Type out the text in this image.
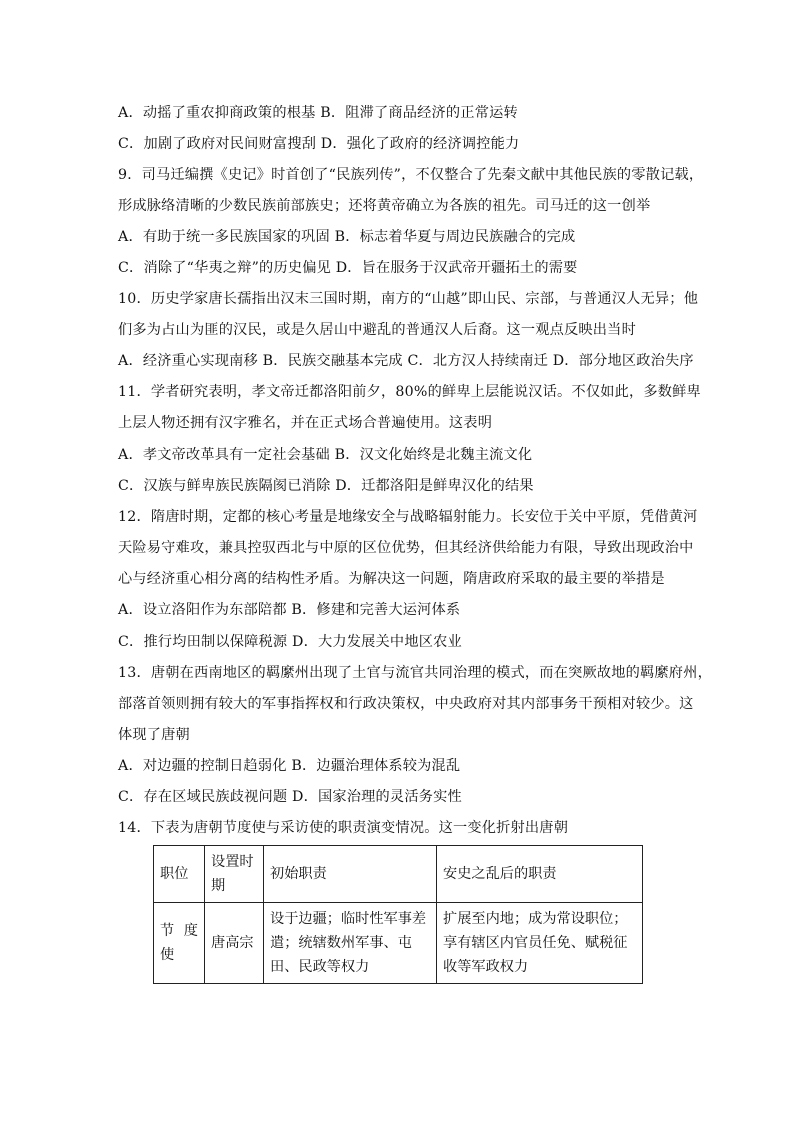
A．动摇了重农抑商政策的根基 B．阻滞了商品经济的正常运转
C．加剧了政府对民间财富搜刮 D．强化了政府的经济调控能力
9．司马迁编撰《史记》时首创了“民族列传”，不仅整合了先秦文献中其他民族的零散记载，
形成脉络清晰的少数民族前部族史；还将黄帝确立为各族的祖先。司马迁的这一创举
A．有助于统一多民族国家的巩固 B．标志着华夏与周边民族融合的完成
C．消除了“华夷之辩”的历史偏见 D．旨在服务于汉武帝开疆拓土的需要
10．历史学家唐长孺指出汉末三国时期，南方的“山越”即山民、宗部，与普通汉人无异；他
们多为占山为匪的汉民，或是久居山中避乱的普通汉人后裔。这一观点反映出当时
A．经济重心实现南移 B．民族交融基本完成 C．北方汉人持续南迁 D．部分地区政治失序
11．学者研究表明，孝文帝迁都洛阳前夕，80%的鲜卑上层能说汉话。不仅如此，多数鲜卑
上层人物还拥有汉字雅名，并在正式场合普遍使用。这表明
A．孝文帝改革具有一定社会基础 B．汉文化始终是北魏主流文化
C．汉族与鲜卑族民族隔阂已消除 D．迁都洛阳是鲜卑汉化的结果
12．隋唐时期，定都的核心考量是地缘安全与战略辐射能力。长安位于关中平原，凭借黄河
天险易守难攻，兼具控驭西北与中原的区位优势，但其经济供给能力有限，导致出现政治中
心与经济重心相分离的结构性矛盾。为解决这一问题，隋唐政府采取的最主要的举措是
A．设立洛阳作为东部陪都 B．修建和完善大运河体系
C．推行均田制以保障税源 D．大力发展关中地区农业
13．唐朝在西南地区的羁縻州出现了土官与流官共同治理的模式，而在突厥故地的羁縻府州，
部落首领则拥有较大的军事指挥权和行政决策权，中央政府对其内部事务干预相对较少。这
体现了唐朝
A．对边疆的控制日趋弱化 B．边疆治理体系较为混乱
C．存在区域民族歧视问题 D．国家治理的灵活务实性
14．下表为唐朝节度使与采访使的职责演变情况。这一变化折射出唐朝
职位	设置时期	初始职责	安史之乱后的职责
节度使	唐高宗	设于边疆；临时性军事差遣；统辖数州军事、屯田、民政等权力	扩展至内地；成为常设职位；享有辖区内官员任免、赋税征收等军政权力
